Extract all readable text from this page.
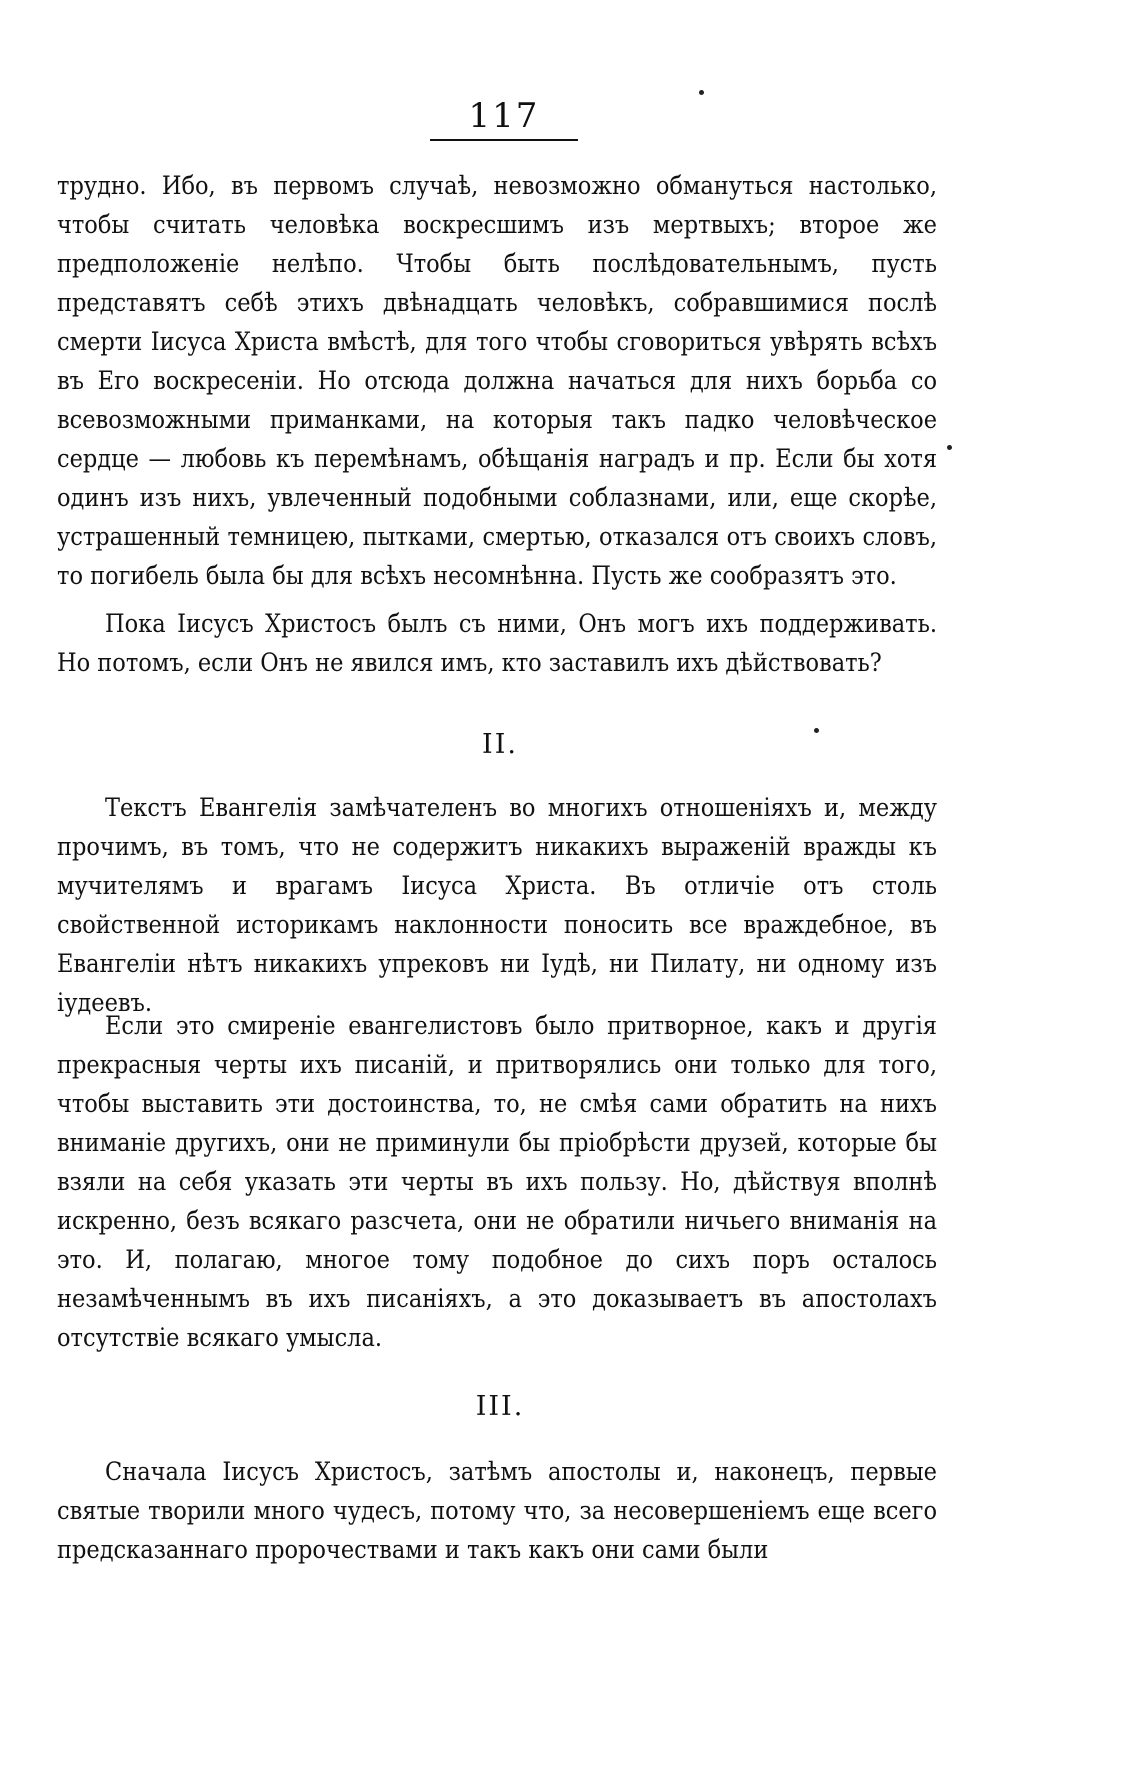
117

трудно. Ибо, въ первомъ случаѣ, невозможно обмануться настолько, чтобы считать человѣка воскресшимъ изъ мертвыхъ; второе же предположеніе нелѣпо. Чтобы быть послѣдовательнымъ, пусть представятъ себѣ этихъ двѣнадцать человѣкъ, собравшимися послѣ смерти Іисуса Христа вмѣстѣ, для того чтобы сговориться увѣрять всѣхъ въ Его воскресеніи. Но отсюда должна начаться для нихъ борьба со всевозможными приманками, на которыя такъ падко человѣческое сердце — любовь къ перемѣнамъ, обѣщанія наградъ и пр. Если бы хотя одинъ изъ нихъ, увлеченный подобными соблазнами, или, еще скорѣе, устрашенный темницею, пытками, смертью, отказался отъ своихъ словъ, то погибель была бы для всѣхъ несомнѣнна. Пусть же сообразятъ это.

Пока Іисусъ Христосъ былъ съ ними, Онъ могъ ихъ поддерживать. Но потомъ, если Онъ не явился имъ, кто заставилъ ихъ дѣйствовать?

II.

Текстъ Евангелія замѣчателенъ во многихъ отношеніяхъ и, между прочимъ, въ томъ, что не содержитъ никакихъ выраженій вражды къ мучителямъ и врагамъ Іисуса Христа. Въ отличіе отъ столь свойственной историкамъ наклонности поносить все враждебное, въ Евангеліи нѣтъ никакихъ упрековъ ни Іудѣ, ни Пилату, ни одному изъ іудеевъ.

Если это смиреніе евангелистовъ было притворное, какъ и другія прекрасныя черты ихъ писаній, и притворялись они только для того, чтобы выставить эти достоинства, то, не смѣя сами обратить на нихъ вниманіе другихъ, они не приминули бы пріобрѣсти друзей, которые бы взяли на себя указать эти черты въ ихъ пользу. Но, дѣйствуя вполнѣ искренно, безъ всякаго разсчета, они не обратили ничьего вниманія на это. И, полагаю, многое тому подобное до сихъ поръ осталось незамѣченнымъ въ ихъ писаніяхъ, а это доказываетъ въ апостолахъ отсутствіе всякаго умысла.

III.

Сначала Іисусъ Христосъ, затѣмъ апостолы и, наконецъ, первые святые творили много чудесъ, потому что, за несовершеніемъ еще всего предсказаннаго пророчествами и такъ какъ они сами были
